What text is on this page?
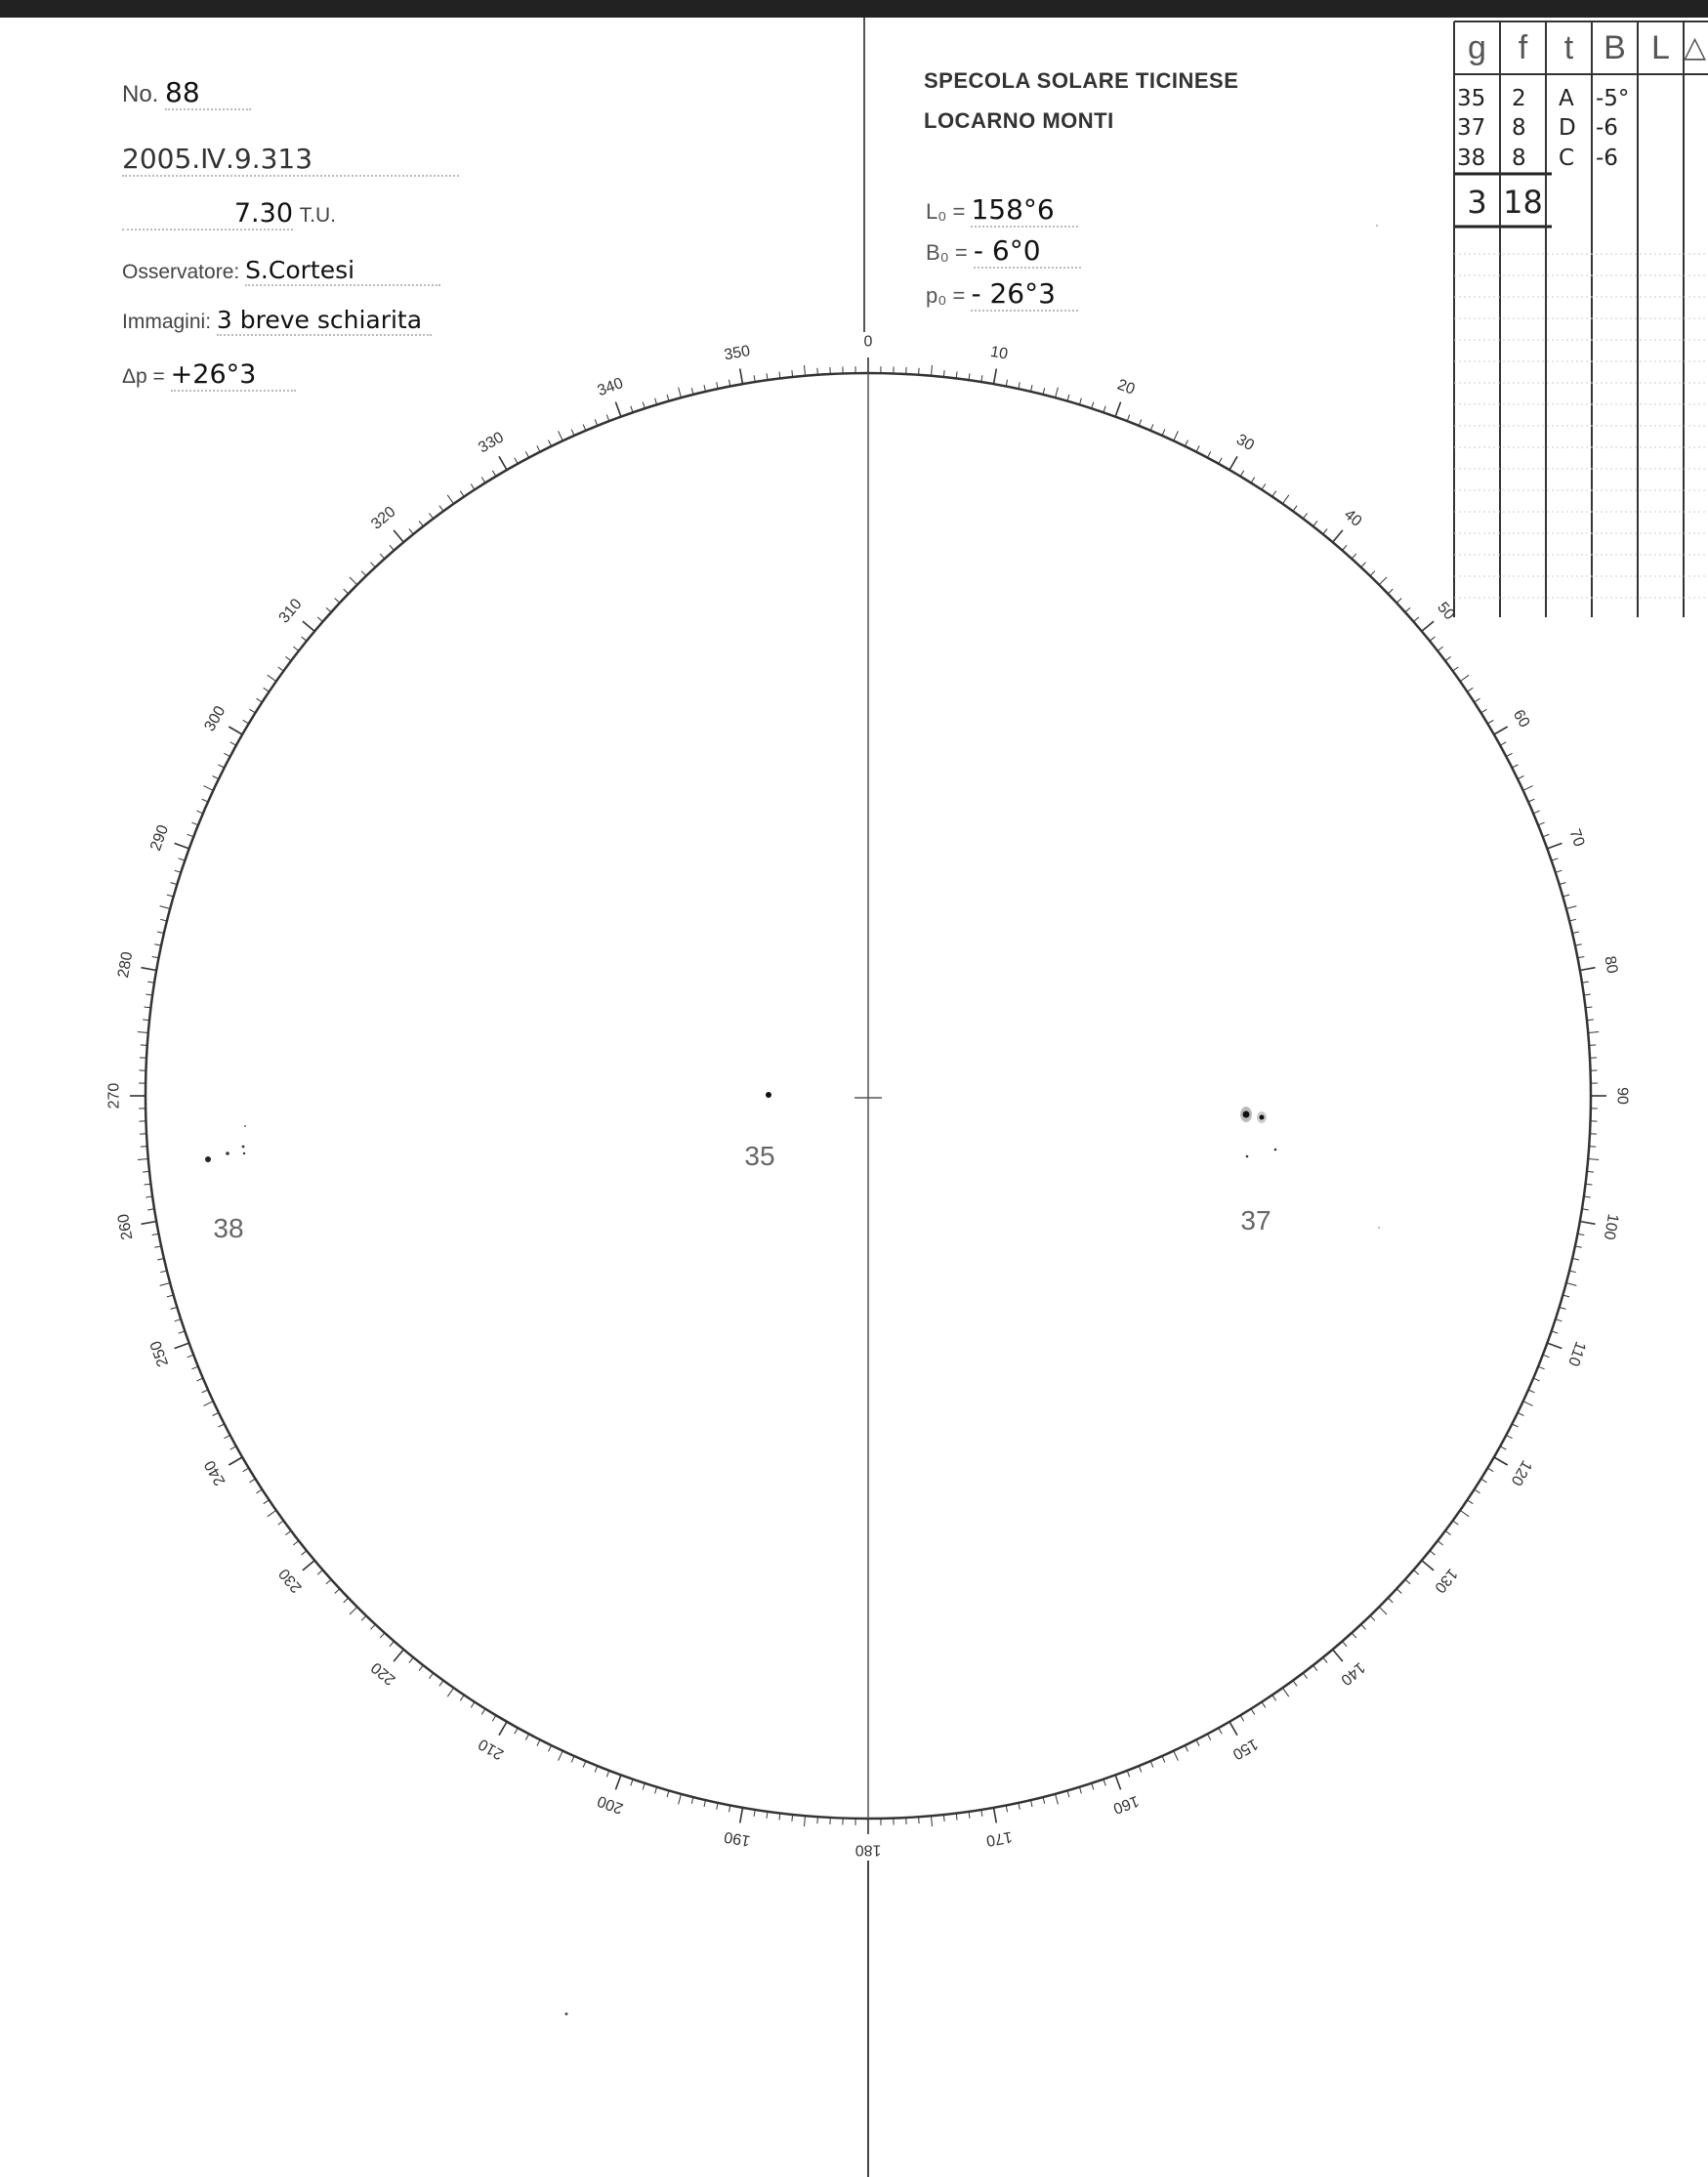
No. 88
2005.Ⅳ.9.313
7.30 T.U.
Osservatore: S.Cortesi
Immagini: 3 breve schiarita
Δp = +26°3
SPECOLA SOLARE TICINESE
LOCARNO MONTI
L₀ = 158°6
B₀ = - 6°0
p₀ = - 26°3
0
10
20
30
40
50
60
70
80
90
100
110
120
130
140
150
160
170
180
190
200
210
220
230
240
250
260
270
280
290
300
310
320
330
340
350
35
37
38
g f	t B L △
35 2 A -5°
37 8 D -6
38 8 C -6
3 18
